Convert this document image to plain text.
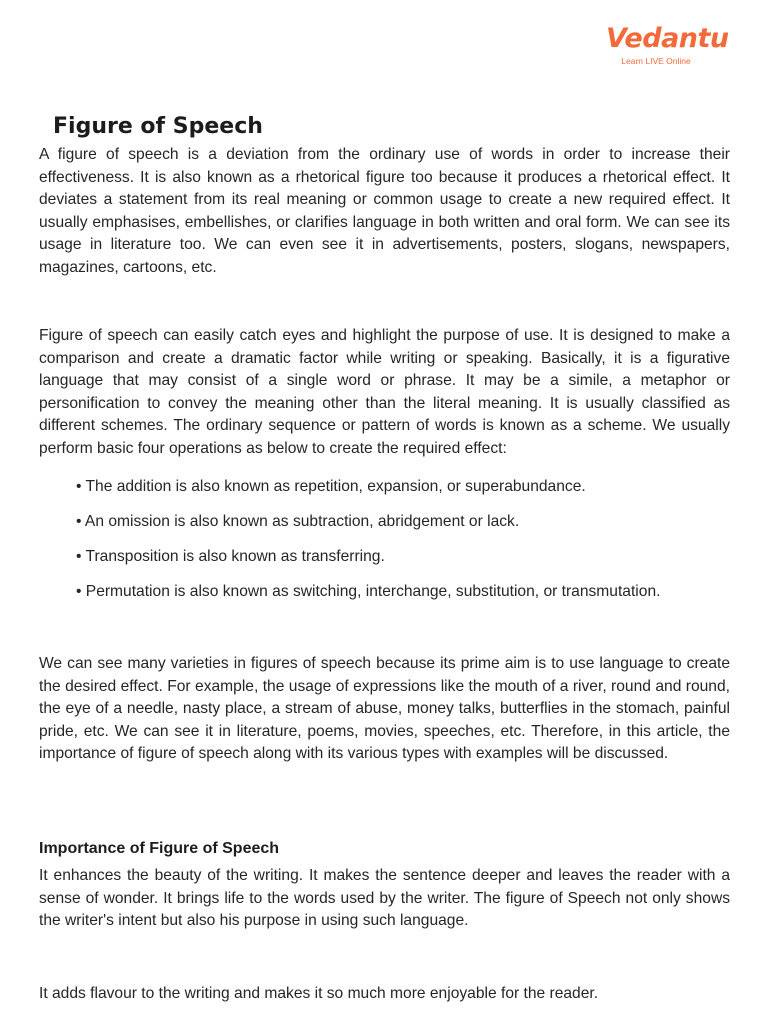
Vedantu
Learn LIVE Online
Figure of Speech

A figure of speech is a deviation from the ordinary use of words in order to increase their effectiveness. It is also known as a rhetorical figure too because it produces a rhetorical effect. It deviates a statement from its real meaning or common usage to create a new required effect. It usually emphasises, embellishes, or clarifies language in both written and oral form. We can see its usage in literature too. We can even see it in advertisements, posters, slogans, newspapers, magazines, cartoons, etc.

Figure of speech can easily catch eyes and highlight the purpose of use. It is designed to make a comparison and create a dramatic factor while writing or speaking. Basically, it is a figurative language that may consist of a single word or phrase. It may be a simile, a metaphor or personification to convey the meaning other than the literal meaning. It is usually classified as different schemes. The ordinary sequence or pattern of words is known as a scheme. We usually perform basic four operations as below to create the required effect:

• The addition is also known as repetition, expansion, or superabundance.

• An omission is also known as subtraction, abridgement or lack.

• Transposition is also known as transferring.

• Permutation is also known as switching, interchange, substitution, or transmutation.

We can see many varieties in figures of speech because its prime aim is to use language to create the desired effect. For example, the usage of expressions like the mouth of a river, round and round, the eye of a needle, nasty place, a stream of abuse, money talks, butterflies in the stomach, painful pride, etc. We can see it in literature, poems, movies, speeches, etc. Therefore, in this article, the importance of figure of speech along with its various types with examples will be discussed.

Importance of Figure of Speech

It enhances the beauty of the writing. It makes the sentence deeper and leaves the reader with a sense of wonder. It brings life to the words used by the writer. The figure of Speech not only shows the writer's intent but also his purpose in using such language.

It adds flavour to the writing and makes it so much more enjoyable for the reader.
